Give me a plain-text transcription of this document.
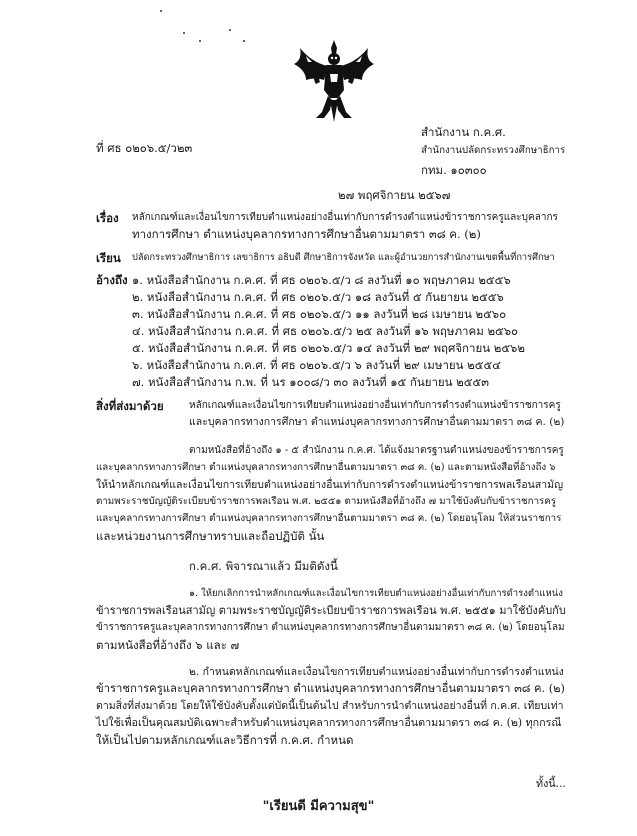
ที่ ศธ ๐๒๐๖.๕/ว๒๓
สำนักงาน ก.ค.ศ.
สำนักงานปลัดกระทรวงศึกษาธิการ
กทม. ๑๐๓๐๐
๒๗ พฤศจิกายน ๒๕๖๗
เรื่อง หลักเกณฑ์และเงื่อนไขการเทียบตำแหน่งอย่างอื่นเท่ากับการดำรงตำแหน่งข้าราชการครูและบุคลากร
ทางการศึกษา ตำแหน่งบุคลากรทางการศึกษาอื่นตามมาตรา ๓๘ ค. (๒)
เรียน ปลัดกระทรวงศึกษาธิการ เลขาธิการ อธิบดี ศึกษาธิการจังหวัด และผู้อำนวยการสำนักงานเขตพื้นที่การศึกษา
อ้างถึง ๑. หนังสือสำนักงาน ก.ค.ศ. ที่ ศธ ๐๒๐๖.๕/ว ๘ ลงวันที่ ๑๐ พฤษภาคม ๒๕๕๖
๒. หนังสือสำนักงาน ก.ค.ศ. ที่ ศธ ๐๒๐๖.๕/ว ๑๘ ลงวันที่ ๕ กันยายน ๒๕๕๖
๓. หนังสือสำนักงาน ก.ค.ศ. ที่ ศธ ๐๒๐๖.๕/ว ๑๑ ลงวันที่ ๒๘ เมษายน ๒๕๖๐
๔. หนังสือสำนักงาน ก.ค.ศ. ที่ ศธ ๐๒๐๖.๕/ว ๒๕ ลงวันที่ ๑๖ พฤษภาคม ๒๕๖๐
๕. หนังสือสำนักงาน ก.ค.ศ. ที่ ศธ ๐๒๐๖.๕/ว ๑๔ ลงวันที่ ๒๙ พฤศจิกายน ๒๕๖๒
๖. หนังสือสำนักงาน ก.ค.ศ. ที่ ศธ ๐๒๐๖.๕/ว ๖ ลงวันที่ ๒๙ เมษายน ๒๕๕๔
๗. หนังสือสำนักงาน ก.พ. ที่ นร ๑๐๐๘/ว ๓๐ ลงวันที่ ๑๕ กันยายน ๒๕๕๓
สิ่งที่ส่งมาด้วย	หลักเกณฑ์และเงื่อนไขการเทียบตำแหน่งอย่างอื่นเท่ากับการดำรงตำแหน่งข้าราชการครู
และบุคลากรทางการศึกษา ตำแหน่งบุคลากรทางการศึกษาอื่นตามมาตรา ๓๘ ค. (๒)
ตามหนังสือที่อ้างถึง ๑ - ๕ สำนักงาน ก.ค.ศ. ได้แจ้งมาตรฐานตำแหน่งของข้าราชการครู
และบุคลากรทางการศึกษา ตำแหน่งบุคลากรทางการศึกษาอื่นตามมาตรา ๓๘ ค. (๒) และตามหนังสือที่อ้างถึง ๖
ให้นำหลักเกณฑ์และเงื่อนไขการเทียบตำแหน่งอย่างอื่นเท่ากับการดำรงตำแหน่งข้าราชการพลเรือนสามัญ
ตามพระราชบัญญัติระเบียบข้าราชการพลเรือน พ.ศ. ๒๕๕๑ ตามหนังสือที่อ้างถึง ๗ มาใช้บังคับกับข้าราชการครู
และบุคลากรทางการศึกษา ตำแหน่งบุคลากรทางการศึกษาอื่นตามมาตรา ๓๘ ค. (๒) โดยอนุโลม ให้ส่วนราชการ
และหน่วยงานการศึกษาทราบและถือปฏิบัติ นั้น
ก.ค.ศ. พิจารณาแล้ว มีมติดังนี้
๑. ให้ยกเลิกการนำหลักเกณฑ์และเงื่อนไขการเทียบตำแหน่งอย่างอื่นเท่ากับการดำรงตำแหน่ง
ข้าราชการพลเรือนสามัญ ตามพระราชบัญญัติระเบียบข้าราชการพลเรือน พ.ศ. ๒๕๕๑ มาใช้บังคับกับ
ข้าราชการครูและบุคลากรทางการศึกษา ตำแหน่งบุคลากรทางการศึกษาอื่นตามมาตรา ๓๘ ค. (๒) โดยอนุโลม
ตามหนังสือที่อ้างถึง ๖ และ ๗
๒. กำหนดหลักเกณฑ์และเงื่อนไขการเทียบตำแหน่งอย่างอื่นเท่ากับการดำรงตำแหน่ง
ข้าราชการครูและบุคลากรทางการศึกษา ตำแหน่งบุคลากรทางการศึกษาอื่นตามมาตรา ๓๘ ค. (๒)
ตามสิ่งที่ส่งมาด้วย โดยให้ใช้บังคับตั้งแต่บัดนี้เป็นต้นไป สำหรับการนำตำแหน่งอย่างอื่นที่ ก.ค.ศ. เทียบเท่า
ไปใช้เพื่อเป็นคุณสมบัติเฉพาะสำหรับตำแหน่งบุคลากรทางการศึกษาอื่นตามมาตรา ๓๘ ค. (๒) ทุกกรณี
ให้เป็นไปตามหลักเกณฑ์และวิธีการที่ ก.ค.ศ. กำหนด
ทั้งนี้...
"เรียนดี มีความสุข"
